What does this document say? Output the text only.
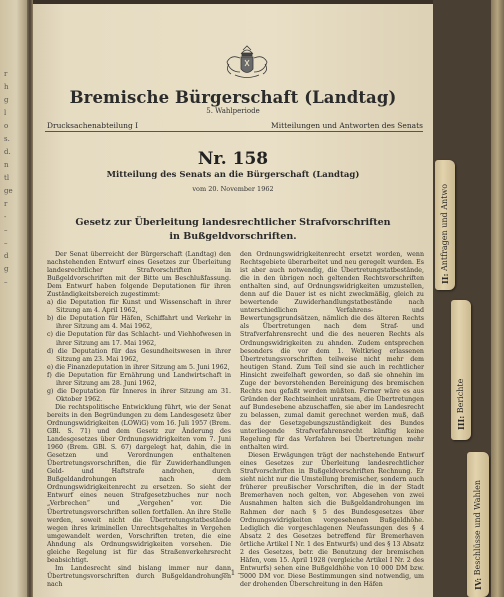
r
h
g
l
o
s.
d.
n
tl
ge
r
-
–
–
d
g
–
Bremische Bürgerschaft (Landtag)
5. Wahlperiode
Drucksachenabteilung I	Mitteilungen und Antworten des Senats
Nr. 158
Mitteilung des Senats an die Bürgerschaft (Landtag)
vom 20. November 1962
Gesetz zur Überleitung landesrechtlicher Strafvorschriften
in Bußgeldvorschriften.

Der Senat überreicht der Bürgerschaft (Landtag) den nachstehenden Entwurf eines Gesetzes zur Überleitung landesrechtlicher Strafvorschriften in Bußgeldvorschriften mit der Bitte um Beschlußfassung. Dem Entwurf haben folgende Deputationen für ihren Zuständigkeitsbereich zugestimmt:

a) die Deputation für Kunst und Wissenschaft in ihrer Sitzung am 4. April 1962,
b) die Deputation für Häfen, Schiffahrt und Verkehr in ihrer Sitzung am 4. Mai 1962,
c) die Deputation für das Schlacht- und Viehhofwesen in ihrer Sitzung am 17. Mai 1962,
d) die Deputation für das Gesundheitswesen in ihrer Sitzung am 23. Mai 1962,
e) die Finanzdeputation in ihrer Sitzung am 5. Juni 1962,
f) die Deputation für Ernährung und Landwirtschaft in ihrer Sitzung am 28. Juni 1962,
g) die Deputation für Inneres in ihrer Sitzung am 31. Oktober 1962.

Die rechtspolitische Entwicklung führt, wie der Senat bereits in den Begründungen zu dem Landesgesetz über Ordnungswidrigkeiten (LOWiG) vom 16. Juli 1957 (Brem. GBl. S. 71) und dem Gesetz zur Änderung des Landesgesetzes über Ordnungswidrigkeiten vom 7. Juni 1960 (Brem. GBl. S. 67) dargelegt hat, dahin, die in Gesetzen und Verordnungen enthaltenen Übertretungsvorschriften, die für Zuwiderhandlungen Geld- und Haftstrafe androhen, durch Bußgeldandrohungen nach dem Ordnungswidrigkeitenrecht zu ersetzen. So sieht der Entwurf eines neuen Strafgesetzbuches nur noch „Verbrechen“ und „Vergehen“ vor. Die Übertretungsvorschriften sollen fortfallen. An ihre Stelle werden, soweit nicht die Übertretungstatbestände wegen ihres kriminellen Unrechtsgehaltes in Vergehen umgewandelt werden, Vorschriften treten, die eine Ahndung als Ordnungswidrigkeiten vorsehen. Die gleiche Regelung ist für das Straßenverkehrsrecht beabsichtigt.

Im Landesrecht sind bislang immer nur dann Übertretungsvorschriften durch Bußgeldandrohungen nach

den Ordnungswidrigkeitenrecht ersetzt worden, wenn Rechtsgebiete überarbeitet und neu geregelt wurden. Es ist aber auch notwendig, die Übertretungstatbestände, die in den übrigen noch geltenden Rechtsvorschriften enthalten sind, auf Ordnungswidrigkeiten umzustellen, denn auf die Dauer ist es nicht zweckmäßig, gleich zu bewertende Zuwiderhandlungstatbestände nach unterschiedlichen Verfahrens- und Bewertungsgrundsätzen, nämlich die des älteren Rechts als Übertretungen nach dem Straf- und Strafverfahrensrecht und die des neueren Rechts als Ordnungswidrigkeiten zu ahnden. Zudem entsprechen besonders die vor dem 1. Weltkrieg erlassenen Übertretungsvorschriften teilweise nicht mehr dem heutigen Stand. Zum Teil sind sie auch in rechtlicher Hinsicht zweifelhaft geworden, so daß sie ohnehin im Zuge der bevorstehenden Bereinigung des bremischen Rechts neu gefaßt werden müßten. Ferner wäre es aus Gründen der Rechtseinheit unratsam, die Übertretungen auf Bundesebene abzuschaffen, sie aber im Landesrecht zu belassen, zumal damit gerechnet werden muß, daß das der Gesetzgebungszuständigkeit des Bundes unterliegende Strafverfahrensrecht künftig keine Regelung für das Verfahren bei Übertretungen mehr enthalten wird.

Diesen Erwägungen trägt der nachstehende Entwurf eines Gesetzes zur Überleitung landesrechtlicher Strafvorschriften in Bußgeldvorschriften Rechnung. Er sieht nicht nur die Umstellung bremischer, sondern auch früherer preußischer Vorschriften, die in der Stadt Bremerhaven noch gelten, vor. Abgesehen von zwei Ausnahmen halten sich die Bußgeldandrohungen im Rahmen der nach § 5 des Bundesgesetzes über Ordnungswidrigkeiten vorgesehenen Bußgeldhöhe. Lediglich die vorgeschlagenen Neufassungen des § 4 Absatz 2 des Gesetzes betreffend für Bremerhaven örtliche Artikel I Nr. 1 des Entwurfs) und des § 13 Absatz 2 des Gesetzes, betr. die Benutzung der bremischen Häfen, vom 15. April 1928 (vergleiche Artikel I Nr. 2 des Entwurfs) sehen eine Bußgeldhöhe von 10 000 DM bzw. 5000 DM vor. Diese Bestimmungen sind notwendig, um der drohenden Überschreitung in den Häfen

— 1 —
II: Antfragen und Antwo
III: Berichte
IV: Beschlüsse und Wahlen
